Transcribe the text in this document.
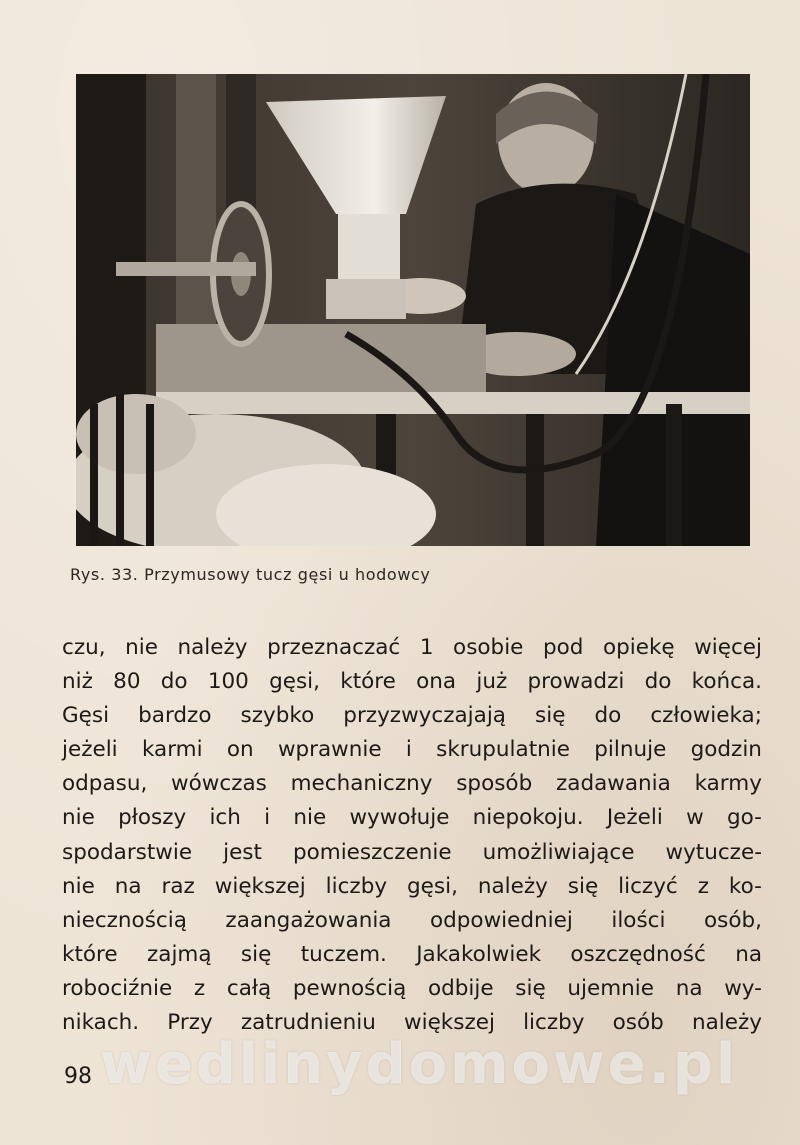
Rys. 33. Przymusowy tucz gęsi u hodowcy
czu, nie należy przeznaczać 1 osobie pod opiekę więcej
niż 80 do 100 gęsi, które ona już prowadzi do końca.
Gęsi bardzo szybko przyzwyczajają się do człowieka;
jeżeli karmi on wprawnie i skrupulatnie pilnuje godzin
odpasu, wówczas mechaniczny sposób zadawania karmy
nie płoszy ich i nie wywołuje niepokoju. Jeżeli w go-
spodarstwie jest pomieszczenie umożliwiające wytucze-
nie na raz większej liczby gęsi, należy się liczyć z ko-
niecznością zaangażowania odpowiedniej ilości osób,
które zajmą się tuczem. Jakakolwiek oszczędność na
robociźnie z całą pewnością odbije się ujemnie na wy-
nikach. Przy zatrudnieniu większej liczby osób należy
wedlinydomowe.pl
98
